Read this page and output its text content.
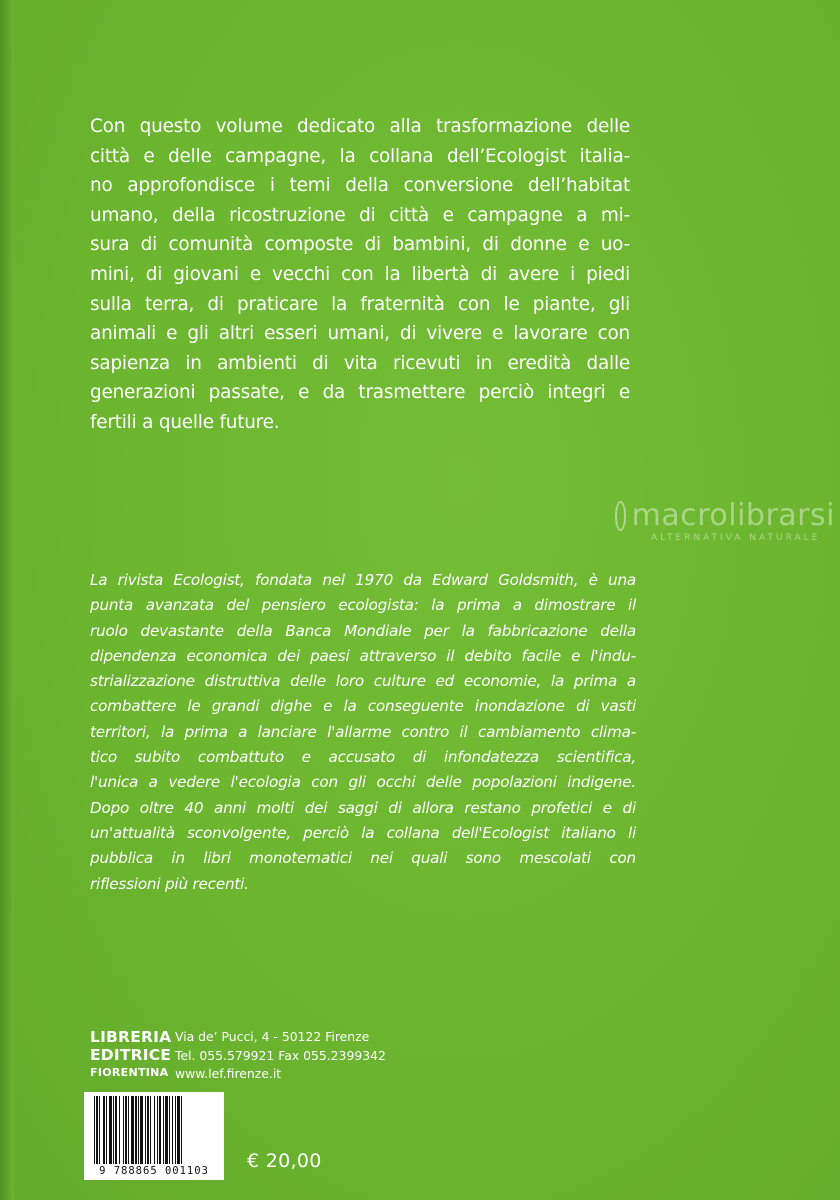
Con questo volume dedicato alla trasformazione delle

città e delle campagne, la collana dell’Ecologist italia-

no approfondisce i temi della conversione dell’habitat

umano, della ricostruzione di città e campagne a mi-

sura di comunità composte di bambini, di donne e uo-

mini, di giovani e vecchi con la libertà di avere i piedi

sulla terra, di praticare la fraternità con le piante, gli

animali e gli altri esseri umani, di vivere e lavorare con

sapienza in ambienti di vita ricevuti in eredità dalle

generazioni passate, e da trasmettere perciò integri e

fertili a quelle future.

macrolibrarsi
ALTERNATIVA NATURALE

La rivista Ecologist, fondata nel 1970 da Edward Goldsmith, è una

punta avanzata del pensiero ecologista: la prima a dimostrare il

ruolo devastante della Banca Mondiale per la fabbricazione della

dipendenza economica dei paesi attraverso il debito facile e l'indu-

strializzazione distruttiva delle loro culture ed economie, la prima a

combattere le grandi dighe e la conseguente inondazione di vasti

territori, la prima a lanciare l'allarme contro il cambiamento clima-

tico subito combattuto e accusato di infondatezza scientifica,

l'unica a vedere l'ecologia con gli occhi delle popolazioni indigene.

Dopo oltre 40 anni molti dei saggi di allora restano profetici e di

un'attualità sconvolgente, perciò la collana dell'Ecologist italiano li

pubblica in libri monotematici nei quali sono mescolati con

riflessioni più recenti.

LIBRERIA
EDITRICE
FIORENTINA
Via de’ Pucci, 4 - 50122 Firenze
Tel. 055.579921 Fax 055.2399342
www.lef.firenze.it
9 788865 001103	€ 20,00
